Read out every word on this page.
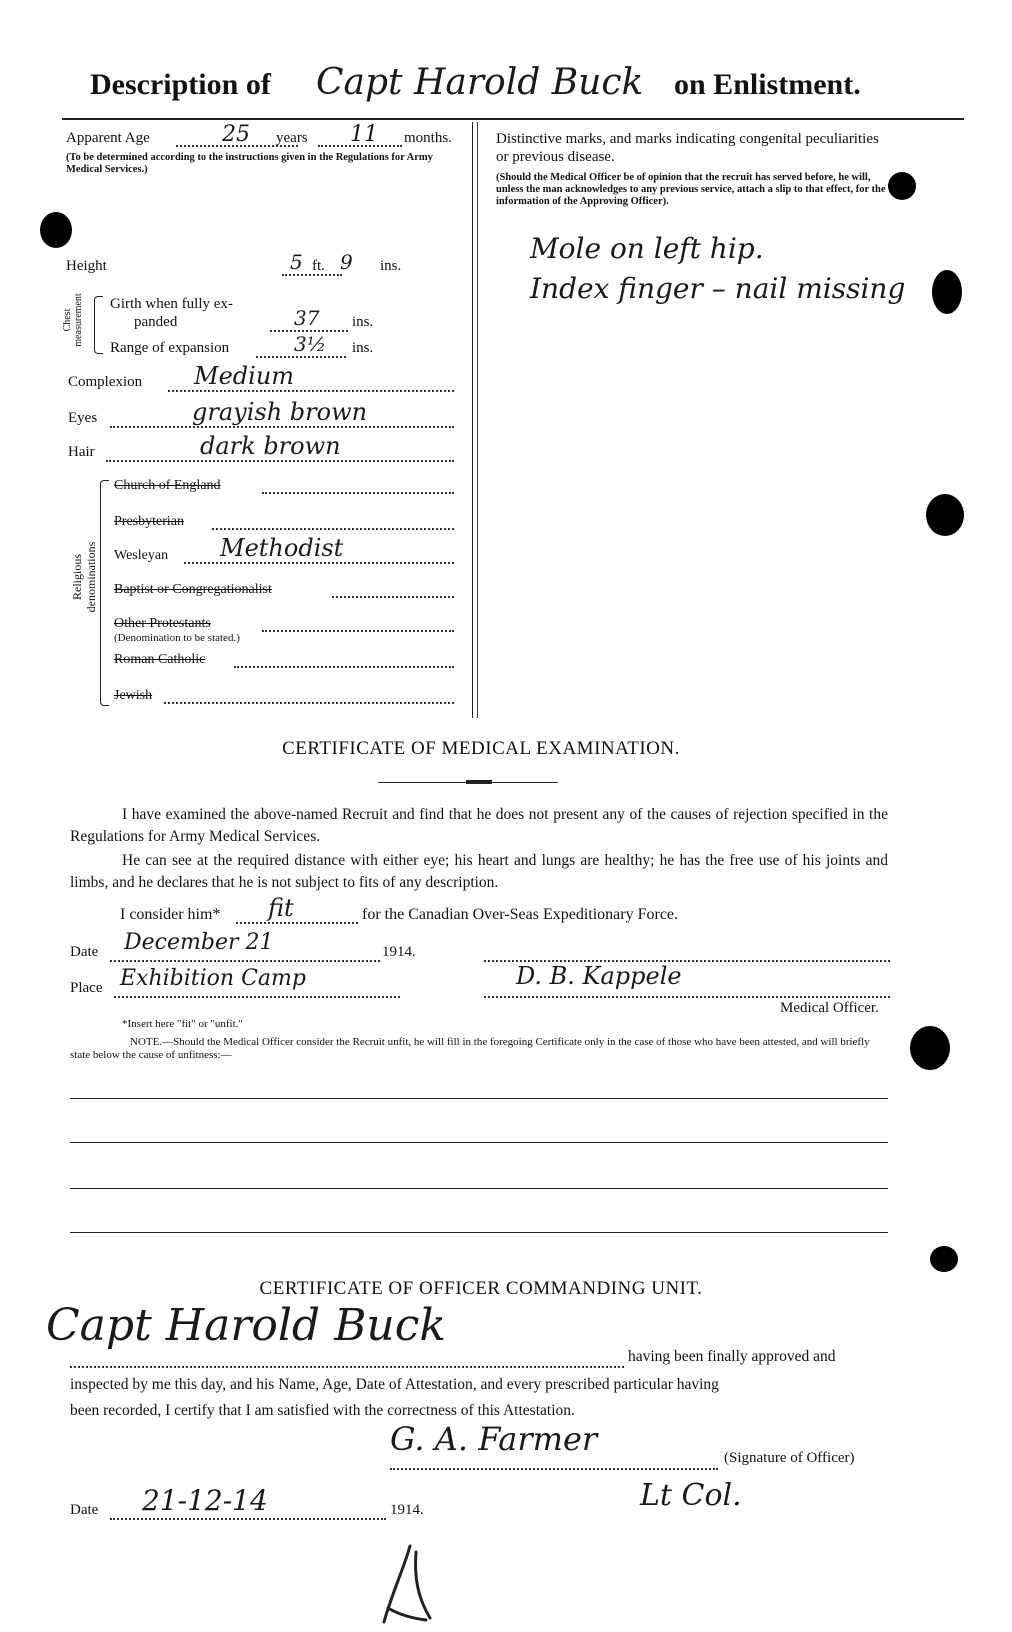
Description of Capt Harold Buck on Enlistment.
Apparent Age	25 years 11 months.
(To be determined according to the instructions given in the Regulations for Army Medical Services.)
Height	5 ft. 9 ins.
Chest measurement Girth when fully ex-
panded	37 ins.
Range of expansion	3½ ins.
Complexion Medium
Eyes	grayish brown
Hair	dark brown
Religious denominations
Church of England
Presbyterian
Wesleyan Methodist
Baptist or Congregationalist
Other Protestants
(Denomination to be stated.)
Roman Catholic
Jewish
Distinctive marks, and marks indicating congenital peculiarities or previous disease.
(Should the Medical Officer be of opinion that the recruit has served before, he will, unless the man acknowledges to any previous service, attach a slip to that effect, for the information of the Approving Officer).
Mole on left hip.
Index finger – nail missing
CERTIFICATE OF MEDICAL EXAMINATION.
I have examined the above-named Recruit and find that he does not present any of the causes of rejection specified in the Regulations for Army Medical Services.
He can see at the required distance with either eye; his heart and lungs are healthy; he has the free use of his joints and limbs, and he declares that he is not subject to fits of any description.
I consider him* fit	for the Canadian Over-Seas Expeditionary Force.
Date December 21	1914.
Place Exhibition Camp	D. B. Kappele
Medical Officer.
*Insert here "fit" or "unfit."
NOTE.—Should the Medical Officer consider the Recruit unfit, he will fill in the foregoing Certificate only in the case of those who have been attested, and will briefly state below the cause of unfitness:—
CERTIFICATE OF OFFICER COMMANDING UNIT.
Capt Harold Buck
having been finally approved and
inspected by me this day, and his Name, Age, Date of Attestation, and every prescribed particular having
been recorded, I certify that I am satisfied with the correctness of this Attestation.
G. A. Farmer	(Signature of Officer)
Lt Col.
Date 21-12-14	1914.
